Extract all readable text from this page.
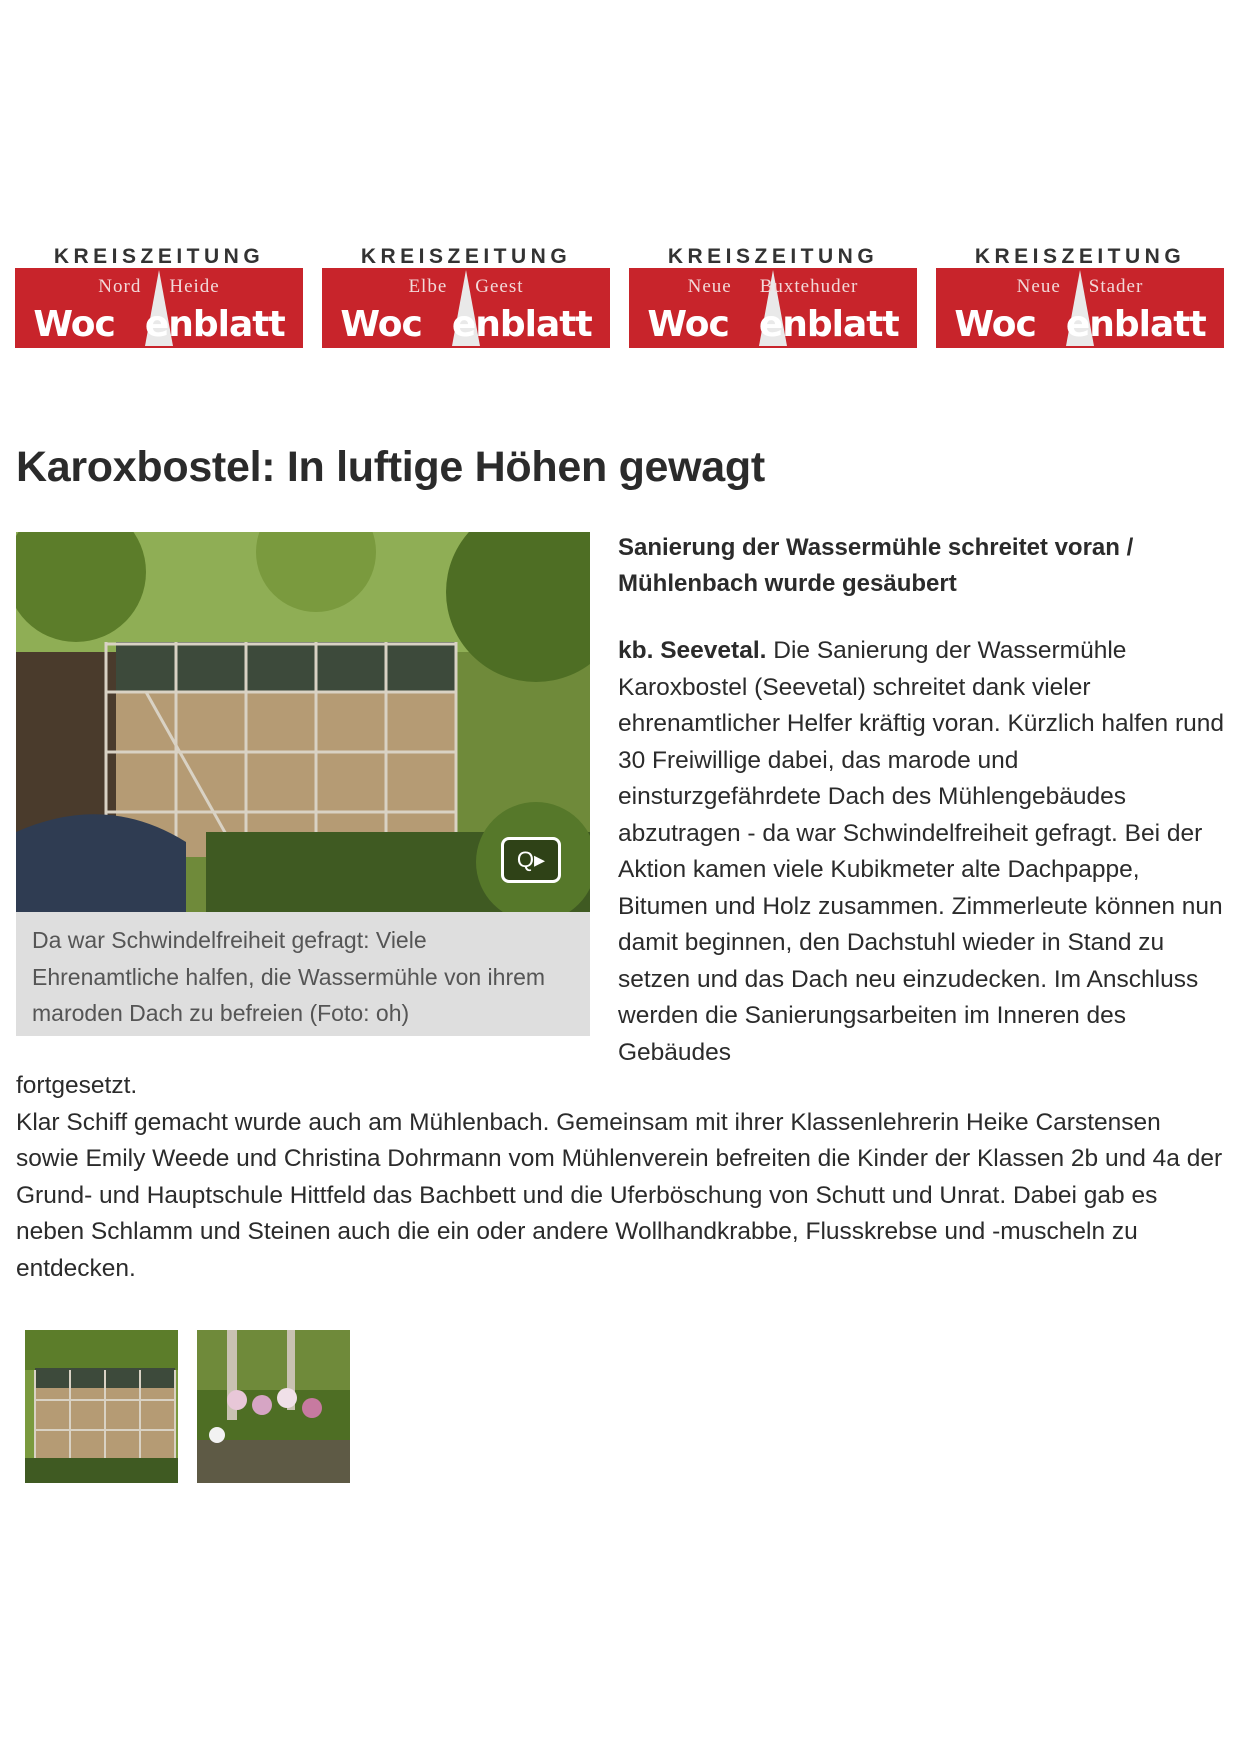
KREISZEITUNG
Nord Heide
Woc enblatt
KREISZEITUNG
Elbe Geest
Woc enblatt
KREISZEITUNG
Neue Buxtehuder
Woc enblatt
KREISZEITUNG
Neue Stader
Woc enblatt
Karoxbostel: In luftige Höhen gewagt
Q▸
Da war Schwindelfreiheit gefragt: Viele Ehrenamtliche halfen, die Wassermühle von ihrem maroden Dach zu befreien (Foto: oh)
Sanierung der Wassermühle schreitet voran / Mühlenbach wurde gesäubert

kb. Seevetal. Die Sanierung der Wassermühle Karoxbostel (Seevetal) schreitet dank vieler ehrenamtlicher Helfer kräftig voran. Kürzlich halfen rund 30 Freiwillige dabei, das marode und einsturzgefährdete Dach des Mühlengebäudes abzutragen - da war Schwindelfreiheit gefragt. Bei der Aktion kamen viele Kubikmeter alte Dachpappe, Bitumen und Holz zusammen. Zimmerleute können nun damit beginnen, den Dachstuhl wieder in Stand zu setzen und das Dach neu einzudecken. Im Anschluss werden die Sanierungsarbeiten im Inneren des Gebäudes

fortgesetzt.
Klar Schiff gemacht wurde auch am Mühlenbach. Gemeinsam mit ihrer Klassenlehrerin Heike Carstensen sowie Emily Weede und Christina Dohrmann vom Mühlenverein befreiten die Kinder der Klassen 2b und 4a der Grund- und Hauptschule Hittfeld das Bachbett und die Uferböschung von Schutt und Unrat. Dabei gab es neben Schlamm und Steinen auch die ein oder andere Wollhandkrabbe, Flusskrebse und -muscheln zu entdecken.
